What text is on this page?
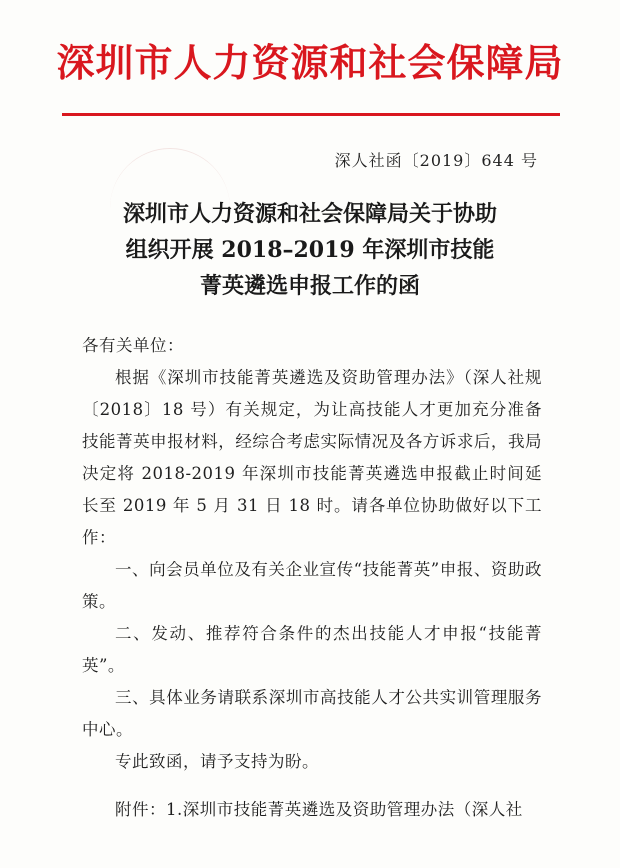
深圳市人力资源和社会保障局
深人社函〔2019〕644 号
深圳市人力资源和社会保障局关于协助
组织开展 2018–2019 年深圳市技能
菁英遴选申报工作的函

各有关单位：

根据《深圳市技能菁英遴选及资助管理办法》（深人社规〔2018〕18 号）有关规定，为让高技能人才更加充分准备技能菁英申报材料，经综合考虑实际情况及各方诉求后，我局决定将 2018-2019 年深圳市技能菁英遴选申报截止时间延长至 2019 年 5 月 31 日 18 时。请各单位协助做好以下工作：

一、向会员单位及有关企业宣传“技能菁英”申报、资助政策。

二、发动、推荐符合条件的杰出技能人才申报“技能菁英”。

三、具体业务请联系深圳市高技能人才公共实训管理服务中心。

专此致函，请予支持为盼。

附件：1.深圳市技能菁英遴选及资助管理办法（深人社
